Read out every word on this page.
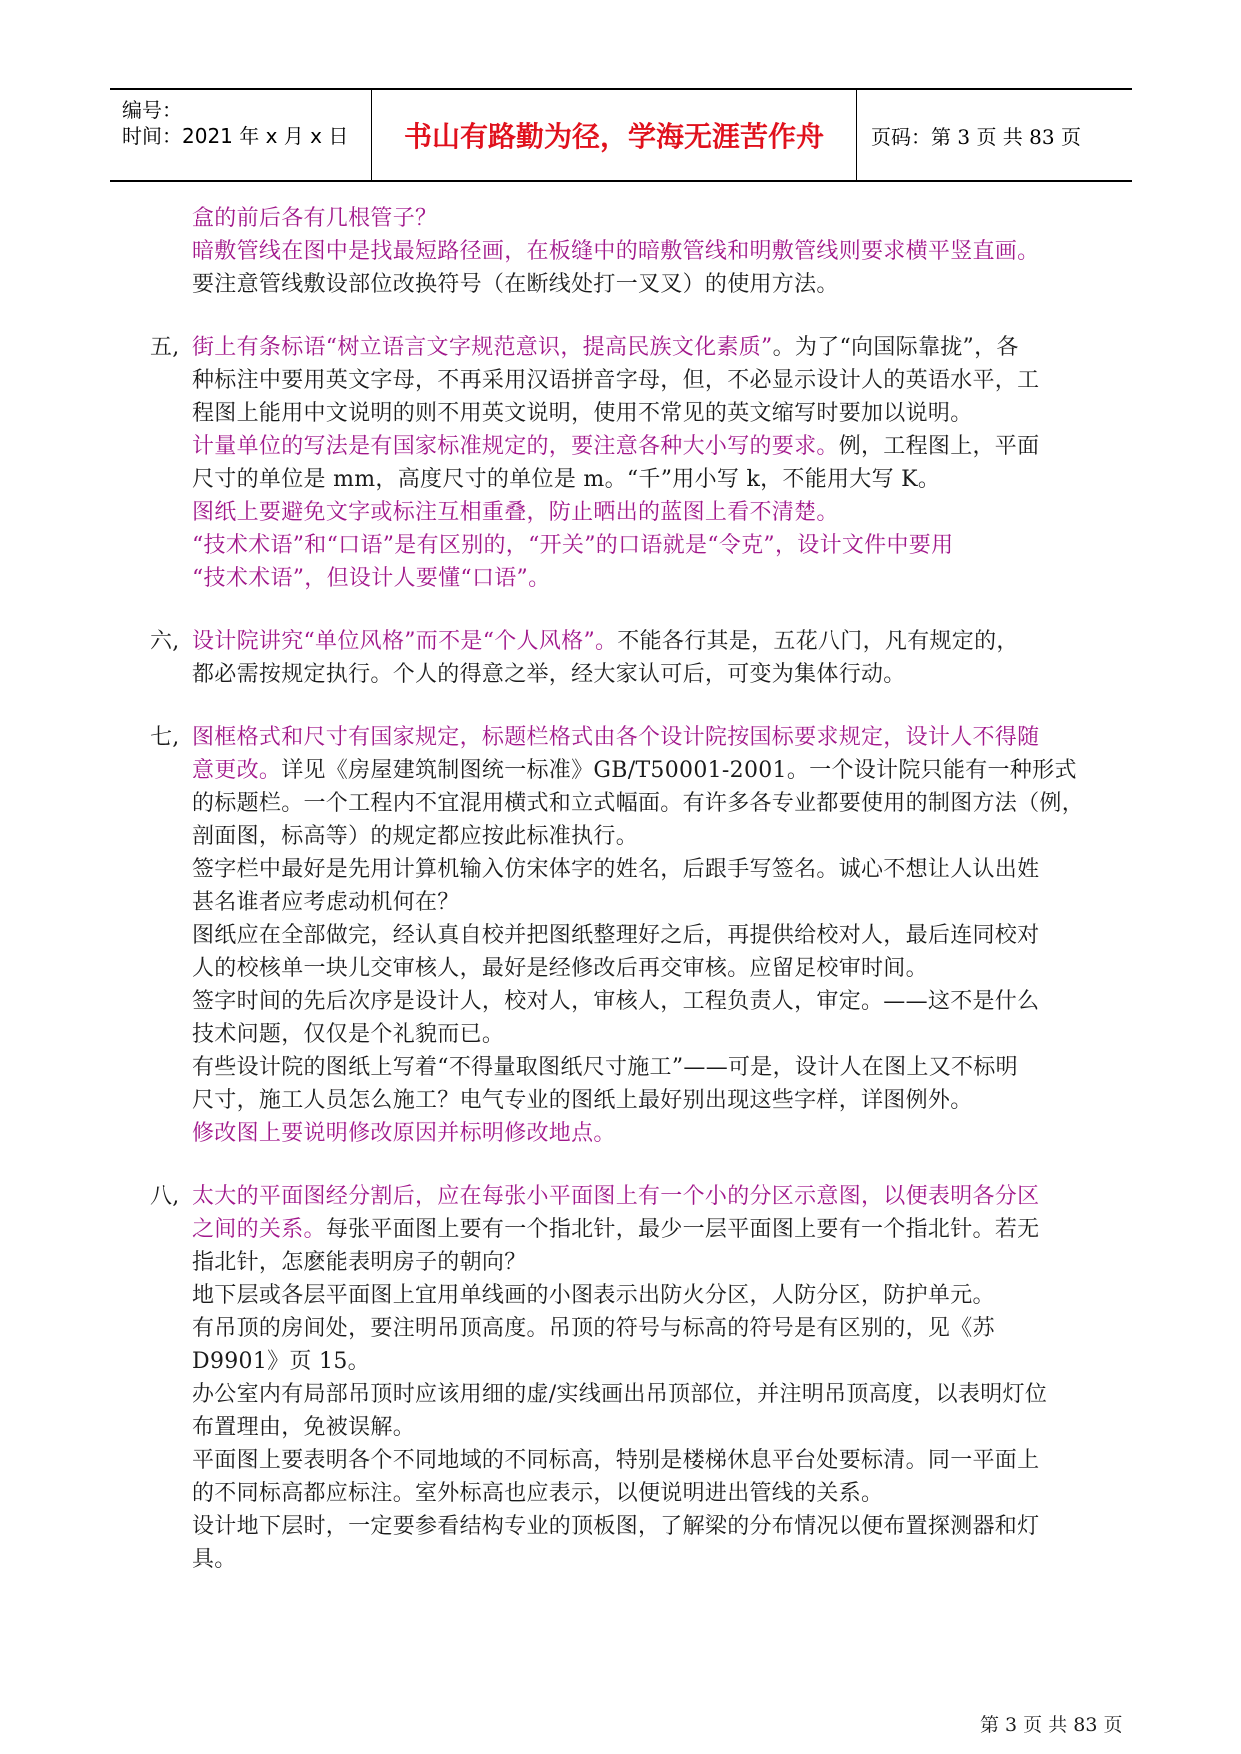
编号：
时间：2021 年 x 月 x 日	书山有路勤为径，学海无涯苦作舟	页码：第 3 页 共 83 页
盒的前后各有几根管子？
暗敷管线在图中是找最短路径画，在板缝中的暗敷管线和明敷管线则要求横平竖直画。
要注意管线敷设部位改换符号（在断线处打一叉叉）的使用方法。
五, 街上有条标语“树立语言文字规范意识，提高民族文化素质”。为了“向国际靠拢”，各
种标注中要用英文字母，不再采用汉语拼音字母，但，不必显示设计人的英语水平，工
程图上能用中文说明的则不用英文说明，使用不常见的英文缩写时要加以说明。
计量单位的写法是有国家标准规定的，要注意各种大小写的要求。例，工程图上，平面
尺寸的单位是 mm，高度尺寸的单位是 m。“千”用小写 k，不能用大写 K。
图纸上要避免文字或标注互相重叠，防止晒出的蓝图上看不清楚。
“技术术语”和“口语”是有区别的，“开关”的口语就是“令克”，设计文件中要用
“技术术语”，但设计人要懂“口语”。
六, 设计院讲究“单位风格”而不是“个人风格”。不能各行其是，五花八门，凡有规定的，
都必需按规定执行。个人的得意之举，经大家认可后，可变为集体行动。
七, 图框格式和尺寸有国家规定，标题栏格式由各个设计院按国标要求规定，设计人不得随
意更改。详见《房屋建筑制图统一标准》GB/T50001-2001。一个设计院只能有一种形式
的标题栏。一个工程内不宜混用横式和立式幅面。有许多各专业都要使用的制图方法（例，
剖面图，标高等）的规定都应按此标准执行。
签字栏中最好是先用计算机输入仿宋体字的姓名，后跟手写签名。诚心不想让人认出姓
甚名谁者应考虑动机何在？
图纸应在全部做完，经认真自校并把图纸整理好之后，再提供给校对人，最后连同校对
人的校核单一块儿交审核人，最好是经修改后再交审核。应留足校审时间。
签字时间的先后次序是设计人，校对人，审核人，工程负责人，审定。——这不是什么
技术问题，仅仅是个礼貌而已。
有些设计院的图纸上写着“不得量取图纸尺寸施工”——可是，设计人在图上又不标明
尺寸，施工人员怎么施工？电气专业的图纸上最好别出现这些字样，详图例外。
修改图上要说明修改原因并标明修改地点。
八, 太大的平面图经分割后，应在每张小平面图上有一个小的分区示意图，以便表明各分区
之间的关系。每张平面图上要有一个指北针，最少一层平面图上要有一个指北针。若无
指北针，怎麽能表明房子的朝向？
地下层或各层平面图上宜用单线画的小图表示出防火分区，人防分区，防护单元。
有吊顶的房间处，要注明吊顶高度。吊顶的符号与标高的符号是有区别的，见《苏
D9901》页 15。
办公室内有局部吊顶时应该用细的虚/实线画出吊顶部位，并注明吊顶高度，以表明灯位
布置理由，免被误解。
平面图上要表明各个不同地域的不同标高，特别是楼梯休息平台处要标清。同一平面上
的不同标高都应标注。室外标高也应表示，以便说明进出管线的关系。
设计地下层时，一定要参看结构专业的顶板图，了解梁的分布情况以便布置探测器和灯
具。
第 3 页 共 83 页
